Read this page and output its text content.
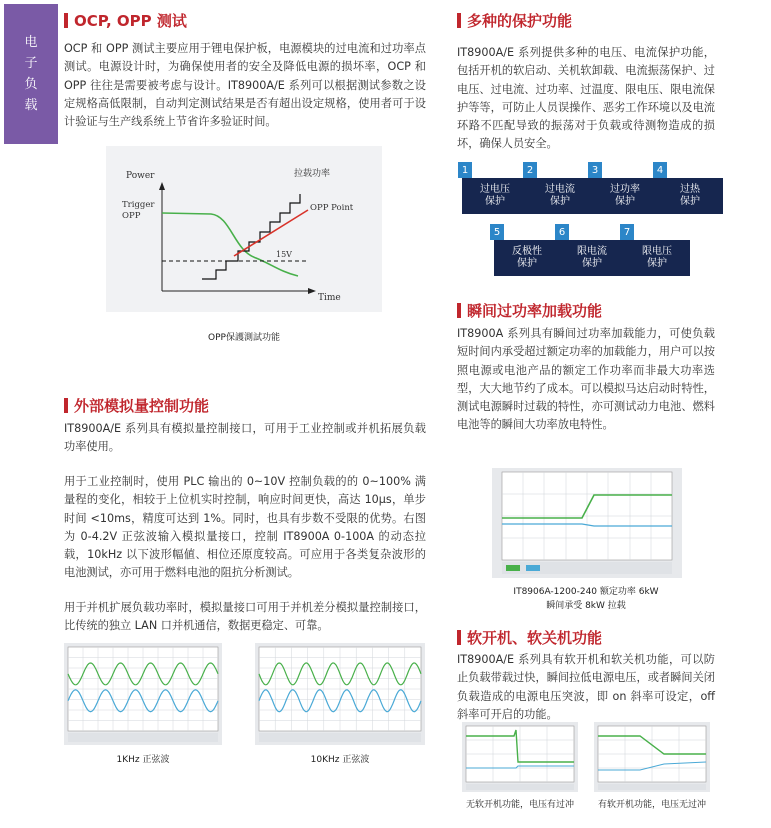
电
子
负
载
OCP, OPP 测试
OCP 和 OPP 测试主要应用于锂电保护板，电源模块的过电流和过功率点测试。电源设计时，为确保使用者的安全及降低电源的损坏率，OCP 和 OPP 往往是需要被考虑与设计。IT8900A/E 系列可以根据测试参数之设定规格高低限制，自动判定测试结果是否有超出设定规格，使用者可于设计验证与生产线系统上节省许多验证时间。
Power
Trigger
OPP
Time
15V
拉载功率
OPP Point
OPP保護測試功能
外部模拟量控制功能
IT8900A/E 系列具有模拟量控制接口，可用于工业控制或并机拓展负载功率使用。
用于工业控制时，使用 PLC 输出的 0~10V 控制负载的的 0~100% 满量程的变化，相较于上位机实时控制，响应时间更快，高达 10μs，单步时间 <10ms，精度可达到 1%。同时，也具有步数不受限的优势。右图为 0-4.2V 正弦波输入模拟量接口，控制 IT8900A 0-100A 的动态拉载，10kHz 以下波形幅値、相位还原度较高。可应用于各类复杂波形的电池测试，亦可用于燃料电池的阻抗分析测试。
用于并机扩展负载功率时，模拟量接口可用于并机差分模拟量控制接口，比传统的独立 LAN 口并机通信，数据更稳定、可靠。
1KHz 正弦波	10KHz 正弦波
多种的保护功能
IT8900A/E 系列提供多种的电压、电流保护功能，包括开机的软启动、关机软卸载、电流振荡保护、过电压、过电流、过功率、过温度、限电压、限电流保护等等，可防止人员误操作、恶劣工作环境以及电流环路不匹配导致的振荡对于负载或待测物造成的损坏，确保人员安全。
过电压
保护
1
过电流
保护
2
过功率
保护
3
过热
保护
4
反极性
保护
5
限电流
保护
6
限电压
保护
7
瞬间过功率加载功能
IT8900A 系列具有瞬间过功率加载能力，可使负载短时间内承受超过额定功率的加载能力，用户可以按照电源或电池产品的额定工作功率而非最大功率选型，大大地节约了成本。可以模拟马达启动时特性，测试电源瞬时过载的特性，亦可测试动力电池、燃料电池等的瞬间大功率放电特性。
IT8906A-1200-240 额定功率 6kW
瞬间承受 8kW 拉载
软开机、软关机功能
IT8900A/E 系列具有软开机和软关机功能，可以防止负载带载过快，瞬间拉低电源电压，或者瞬间关闭负载造成的电源电压突波，即 on 斜率可设定，off 斜率可开启的功能。
无软开机功能，电压有过冲	有软开机功能，电压无过冲
